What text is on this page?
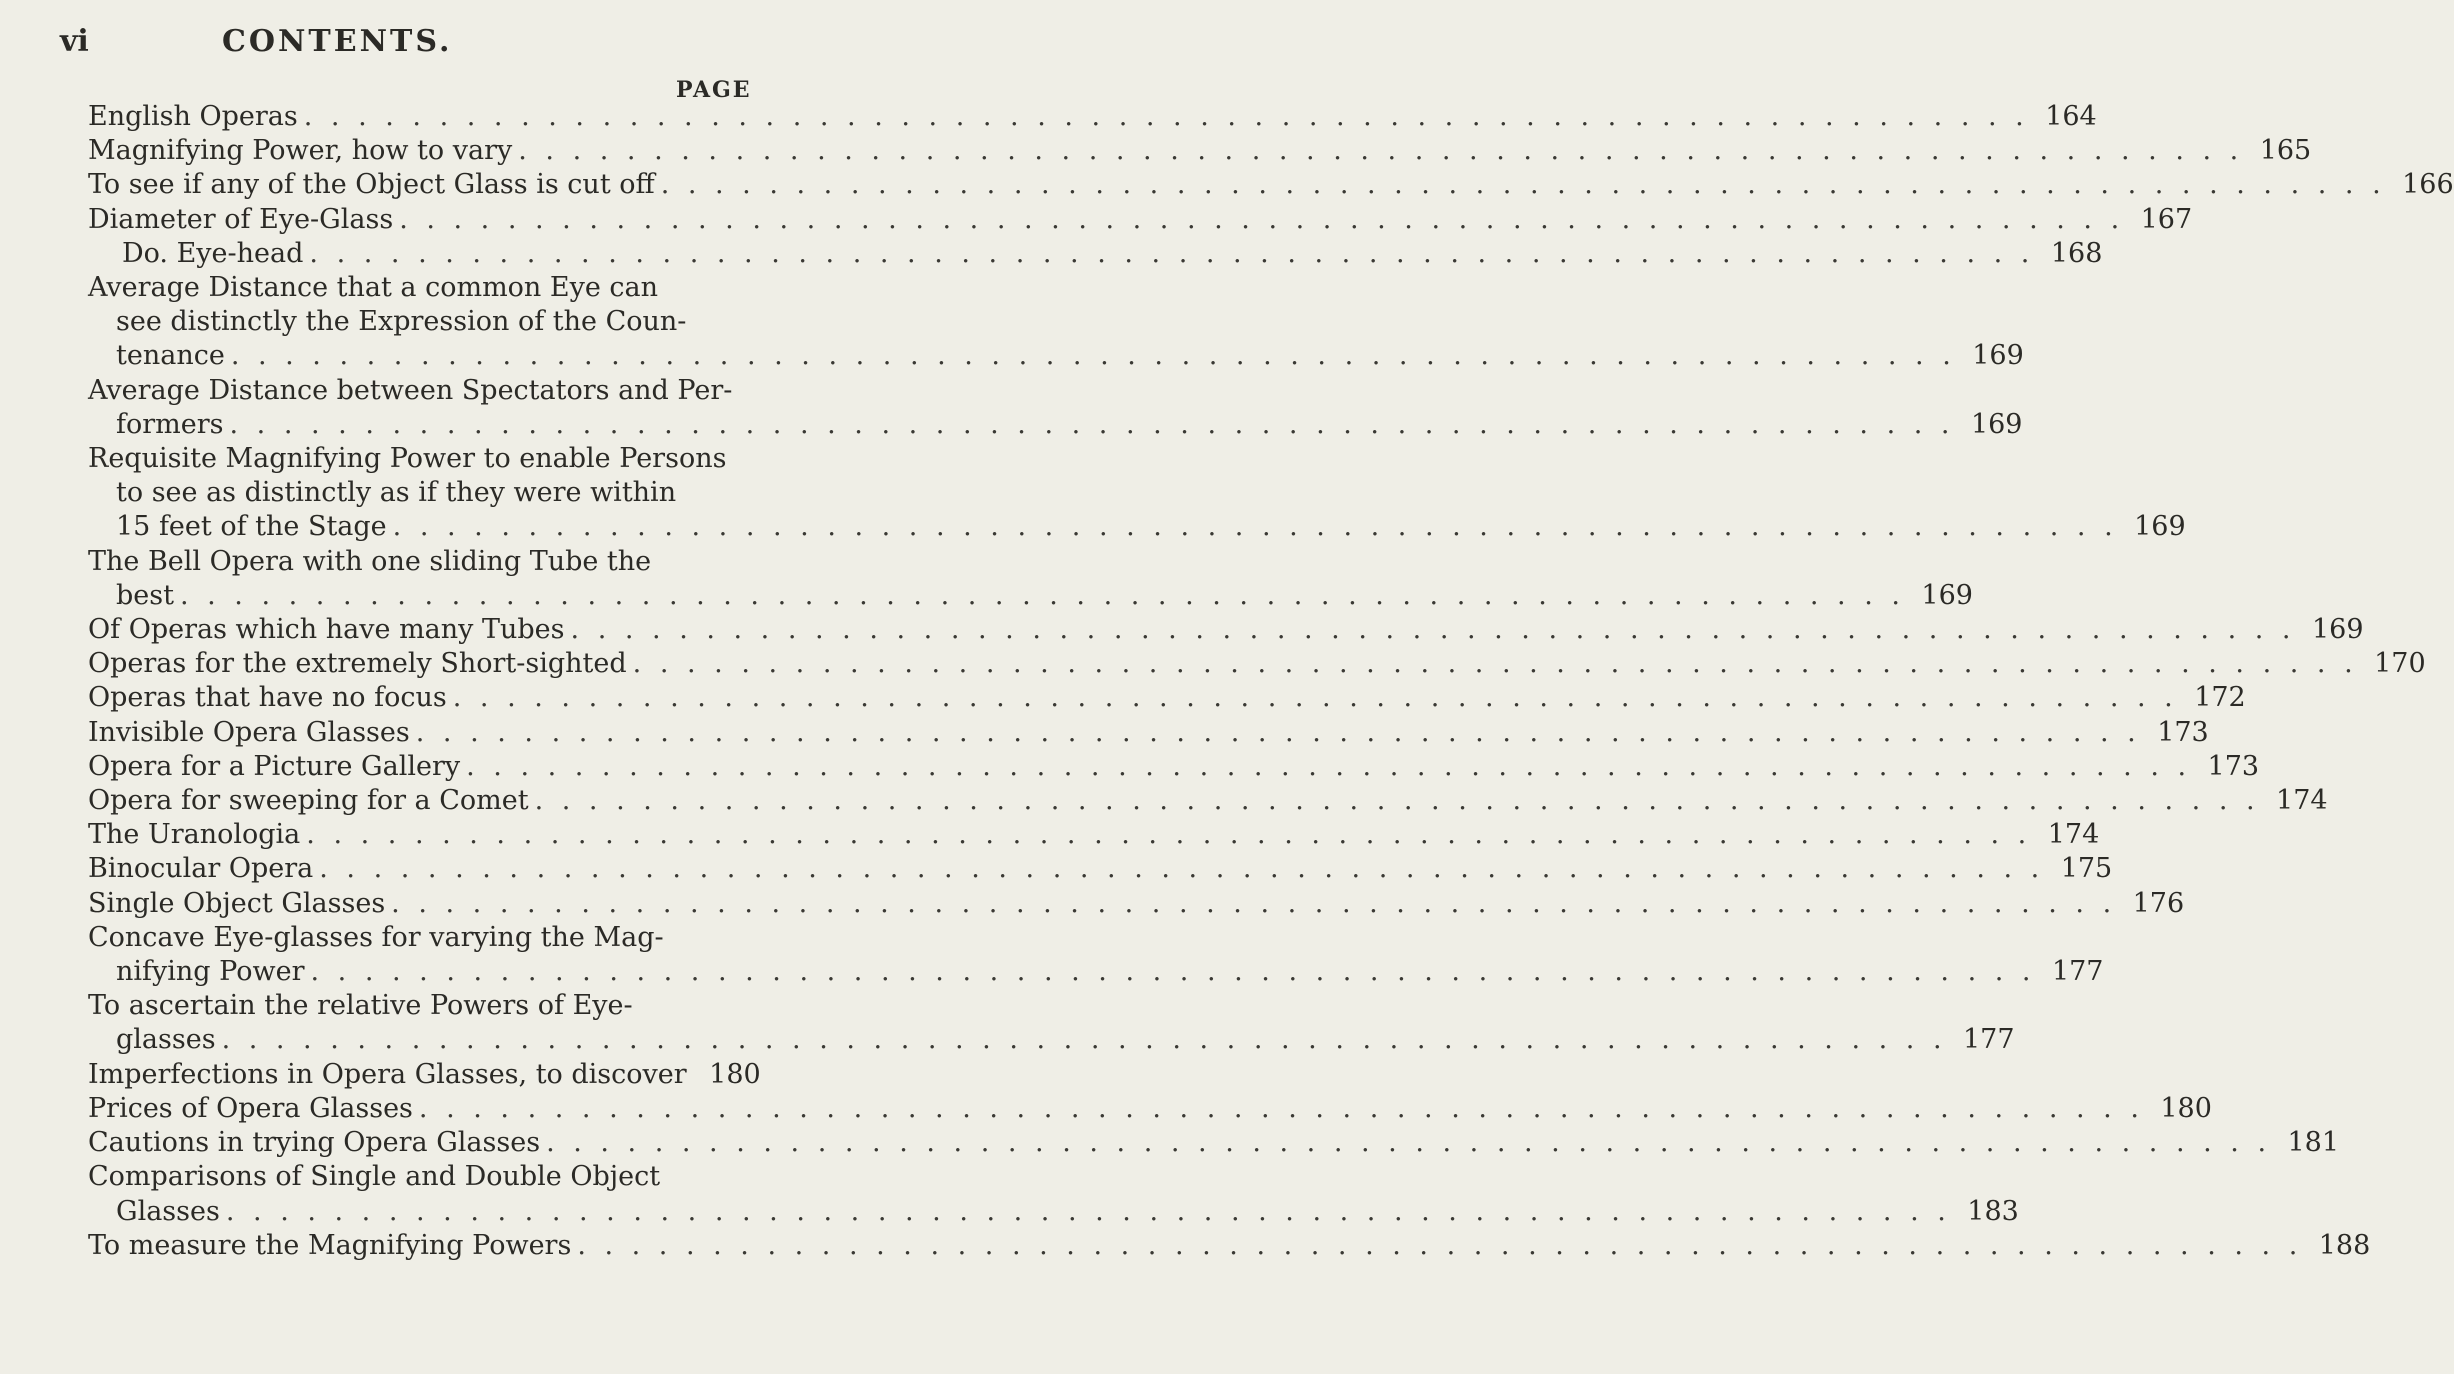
vi	CONTENTS.
PAGE
English Operas . . .	164
Magnifying Power, how to vary . . .	165
To see if any of the Object Glass is cut off . . .	166
Diameter of Eye-Glass . . .	167
Do. Eye-head . . .	168
Average Distance that a common Eye can
see distinctly the Expression of the Coun-
tenance . . .	169
Average Distance between Spectators and Per-
formers . . .	169
Requisite Magnifying Power to enable Persons
to see as distinctly as if they were within
15 feet of the Stage . . .	169
The Bell Opera with one sliding Tube the
best . . .	169
Of Operas which have many Tubes . . .	169
Operas for the extremely Short-sighted . . .	170
Operas that have no focus . . .	172
Invisible Opera Glasses . . .	173
Opera for a Picture Gallery . . .	173
Opera for sweeping for a Comet . . .	174
The Uranologia . . .	174
Binocular Opera . . .	175
Single Object Glasses . . .	176
Concave Eye-glasses for varying the Mag-
nifying Power . . .	177
To ascertain the relative Powers of Eye-
glasses . . .	177
Imperfections in Opera Glasses, to discover 180
Prices of Opera Glasses . . .	180
Cautions in trying Opera Glasses . . .	181
Comparisons of Single and Double Object
Glasses . . .	183
To measure the Magnifying Powers . . .	188
